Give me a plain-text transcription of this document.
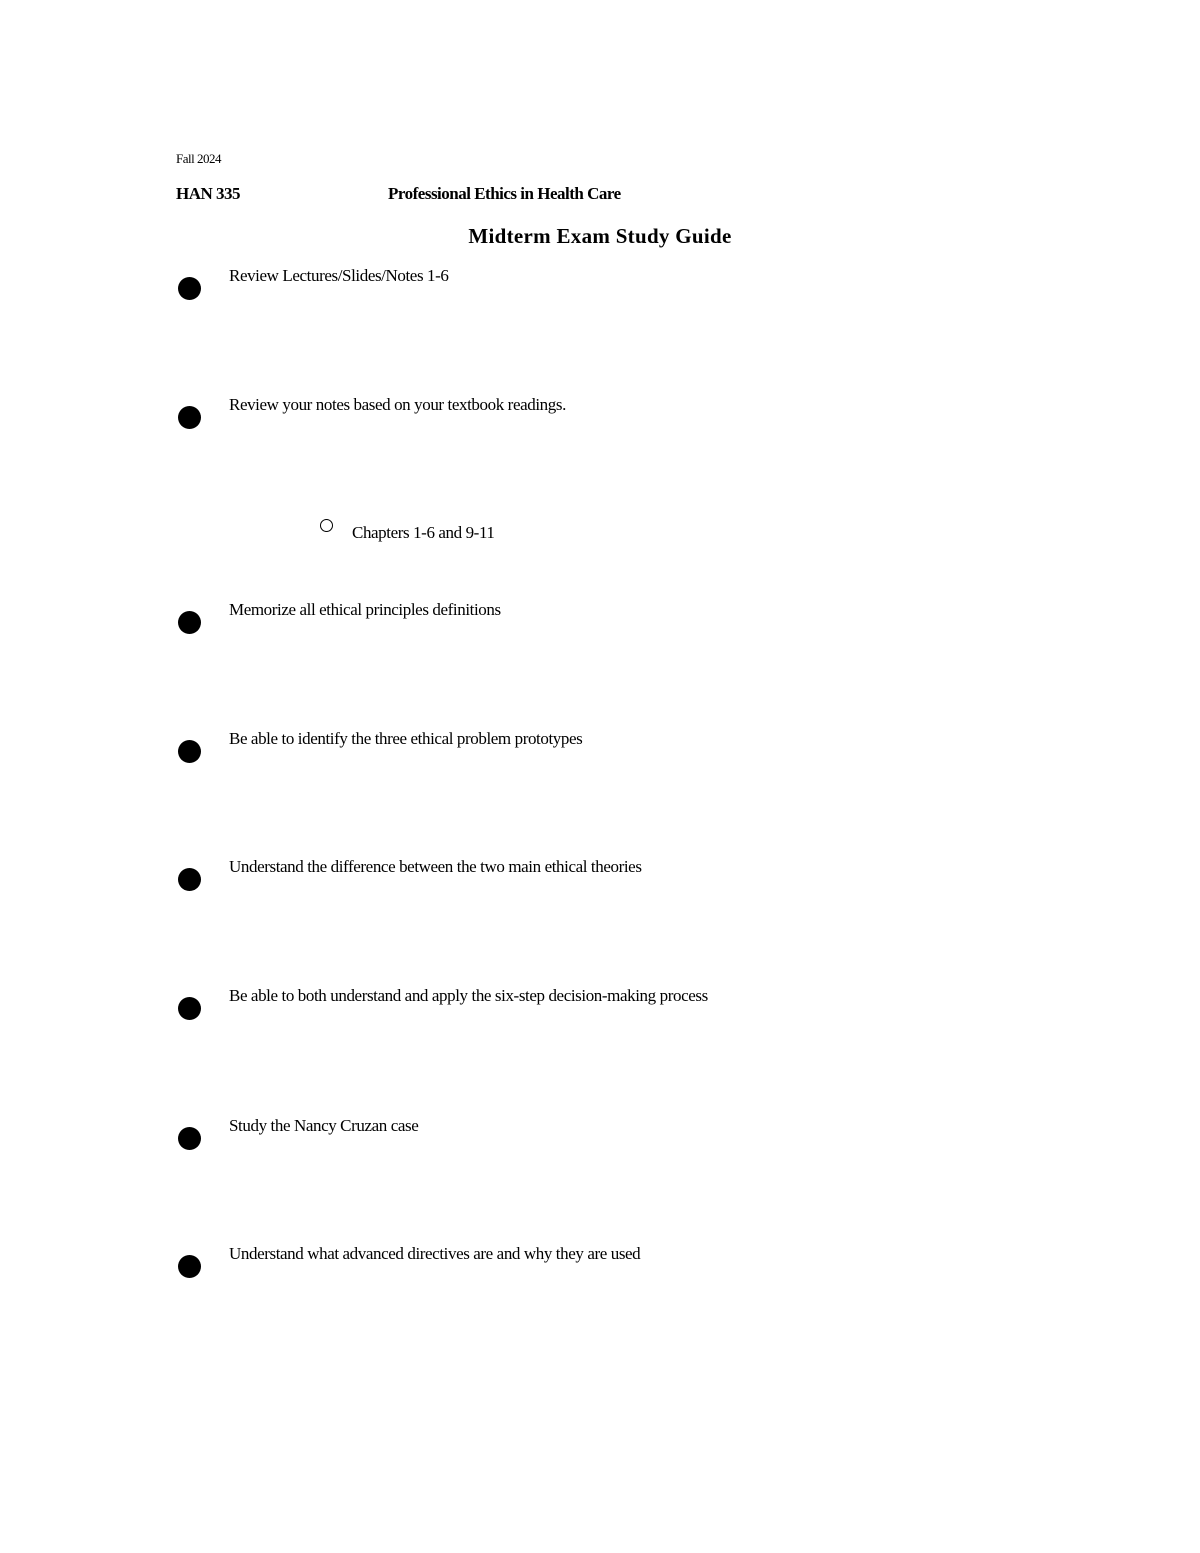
Fall 2024
HAN 335	Professional Ethics in Health Care
Midterm Exam Study Guide
Review Lectures/Slides/Notes 1-6
Review your notes based on your textbook readings.
Chapters 1-6 and 9-11
Memorize all ethical principles definitions
Be able to identify the three ethical problem prototypes
Understand the difference between the two main ethical theories
Be able to both understand and apply the six-step decision-making process
Study the Nancy Cruzan case
Understand what advanced directives are and why they are used
